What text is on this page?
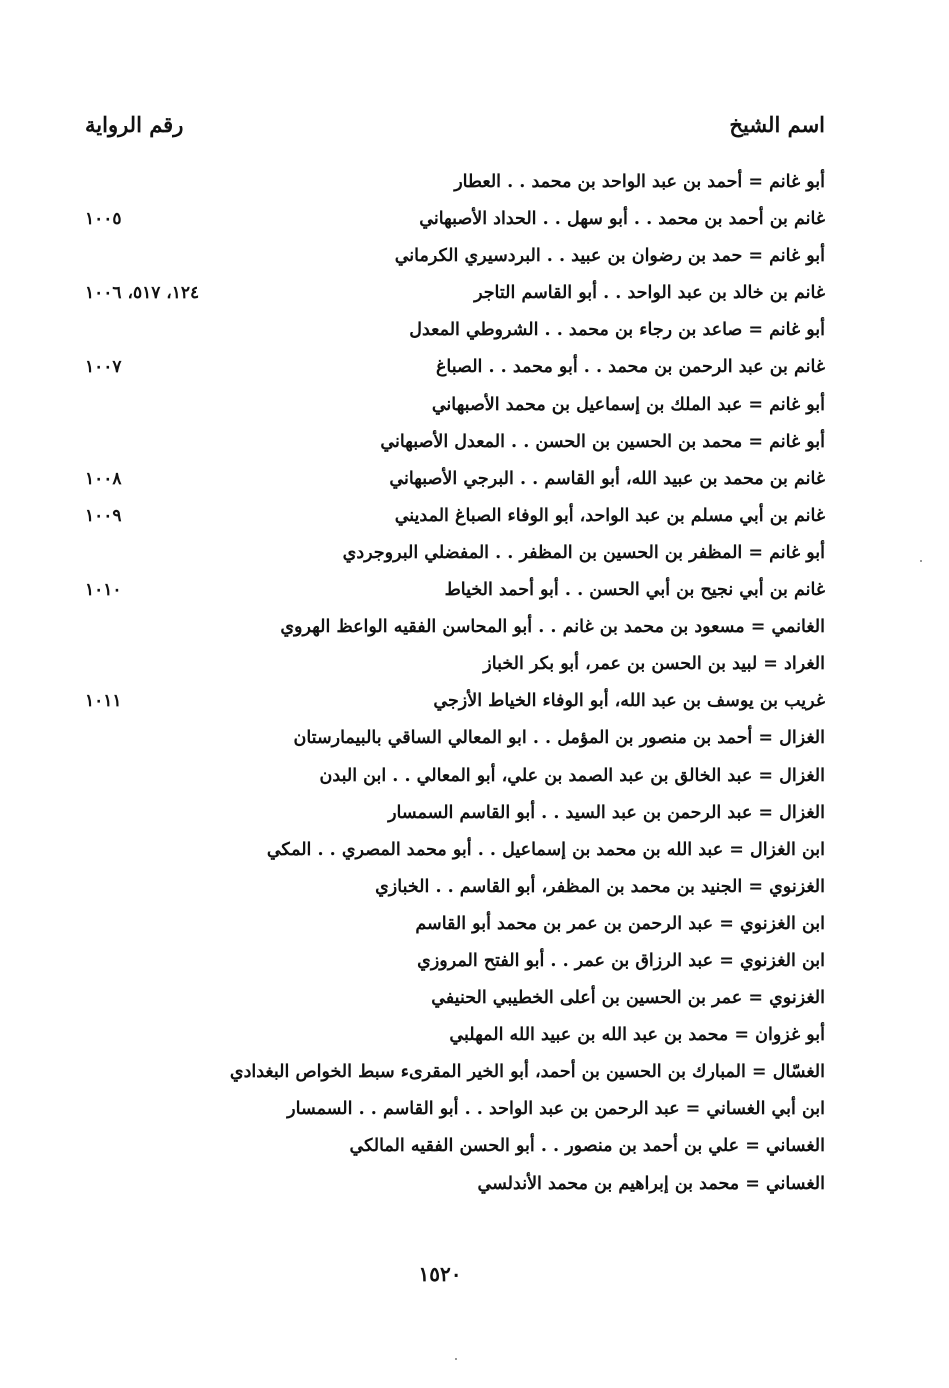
اسم الشيخ
رقم الرواية
أبو غانم = أحمد بن عبد الواحد بن محمد . . العطار
غانم بن أحمد بن محمد . . أبو سهل . . الحداد الأصبهاني
١٠٠٥
أبو غانم = حمد بن رضوان بن عبيد . . البردسيري الكرماني
غانم بن خالد بن عبد الواحد . . أبو القاسم التاجر
١٢٤، ٥١٧، ١٠٠٦
أبو غانم = صاعد بن رجاء بن محمد . . الشروطي المعدل
غانم بن عبد الرحمن بن محمد . . أبو محمد . . الصباغ
١٠٠٧
أبو غانم = عبد الملك بن إسماعيل بن محمد الأصبهاني
أبو غانم = محمد بن الحسين بن الحسن . . المعدل الأصبهاني
غانم بن محمد بن عبيد الله، أبو القاسم . . البرجي الأصبهاني
١٠٠٨
غانم بن أبي مسلم بن عبد الواحد، أبو الوفاء الصباغ المديني
١٠٠٩
أبو غانم = المظفر بن الحسين بن المظفر . . المفضلي البروجردي
غانم بن أبي نجيح بن أبي الحسن . . أبو أحمد الخياط
١٠١٠
الغانمي = مسعود بن محمد بن غانم . . أبو المحاسن الفقيه الواعظ الهروي
الغراد = لبيد بن الحسن بن عمر، أبو بكر الخباز
غريب بن يوسف بن عبد الله، أبو الوفاء الخياط الأزجي
١٠١١
الغزال = أحمد بن منصور بن المؤمل . . ابو المعالي الساقي بالبيمارستان
الغزال = عبد الخالق بن عبد الصمد بن علي، أبو المعالي . . ابن البدن
الغزال = عبد الرحمن بن عبد السيد . . أبو القاسم السمسار
ابن الغزال = عبد الله بن محمد بن إسماعيل . . أبو محمد المصري . . المكي
الغزنوي = الجنيد بن محمد بن المظفر، أبو القاسم . . الخبازي
ابن الغزنوي = عبد الرحمن بن عمر بن محمد أبو القاسم
ابن الغزنوي = عبد الرزاق بن عمر . . أبو الفتح المروزي
الغزنوي = عمر بن الحسين بن أعلى الخطيبي الحنيفي
أبو غزوان = محمد بن عبد الله بن عبيد الله المهلبي
الغسّال = المبارك بن الحسين بن أحمد، أبو الخير المقرىء سبط الخواص البغدادي
ابن أبي الغساني = عبد الرحمن بن عبد الواحد . . أبو القاسم . . السمسار
الغساني = علي بن أحمد بن منصور . . أبو الحسن الفقيه المالكي
الغساني = محمد بن إبراهيم بن محمد الأندلسي
١٥٢٠
